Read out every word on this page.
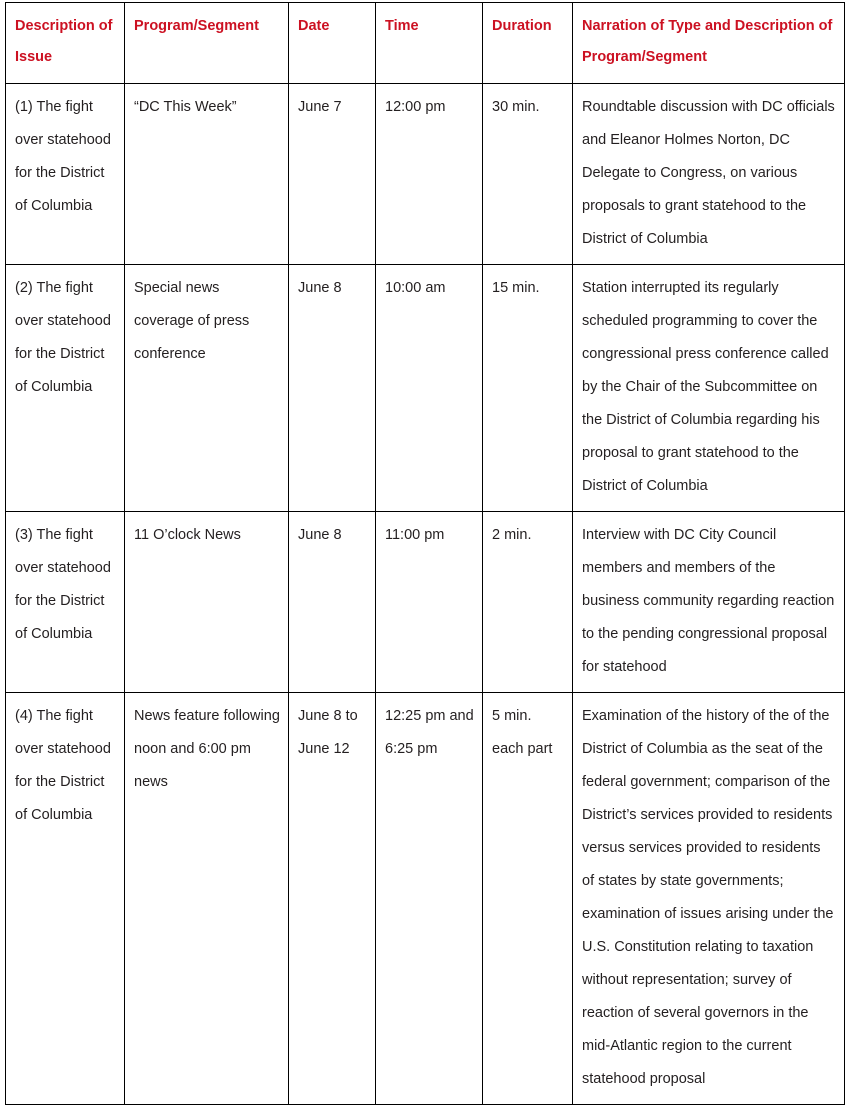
Description of Issue	Program/Segment	Date	Time	Duration	Narration of Type and Description of Program/Segment
(1) The fight over statehood for the District of Columbia	“DC This Week”	June 7	12:00 pm	30 min.	Roundtable discussion with DC officials and Eleanor Holmes Norton, DC Delegate to Congress, on various proposals to grant statehood to the District of Columbia
(2) The fight over statehood for the District of Columbia	Special news coverage of press conference	June 8	10:00 am	15 min.	Station interrupted its regularly scheduled programming to cover the congressional press conference called by the Chair of the Subcommittee on the District of Columbia regarding his proposal to grant statehood to the District of Columbia
(3) The fight over statehood for the District of Columbia	11 O’clock News	June 8	11:00 pm	2 min.	Interview with DC City Council members and members of the business community regarding reaction to the pending congressional proposal for statehood
(4) The fight over statehood for the District of Columbia	News feature following noon and 6:00 pm news	June 8 to June 12	12:25 pm and 6:25 pm	5 min. each part	Examination of the history of the of the District of Columbia as the seat of the federal government; comparison of the District’s services provided to residents versus services provided to residents of states by state governments; examination of issues arising under the U.S. Constitution relating to taxation without representation; survey of reaction of several governors in the mid-Atlantic region to the current statehood proposal
